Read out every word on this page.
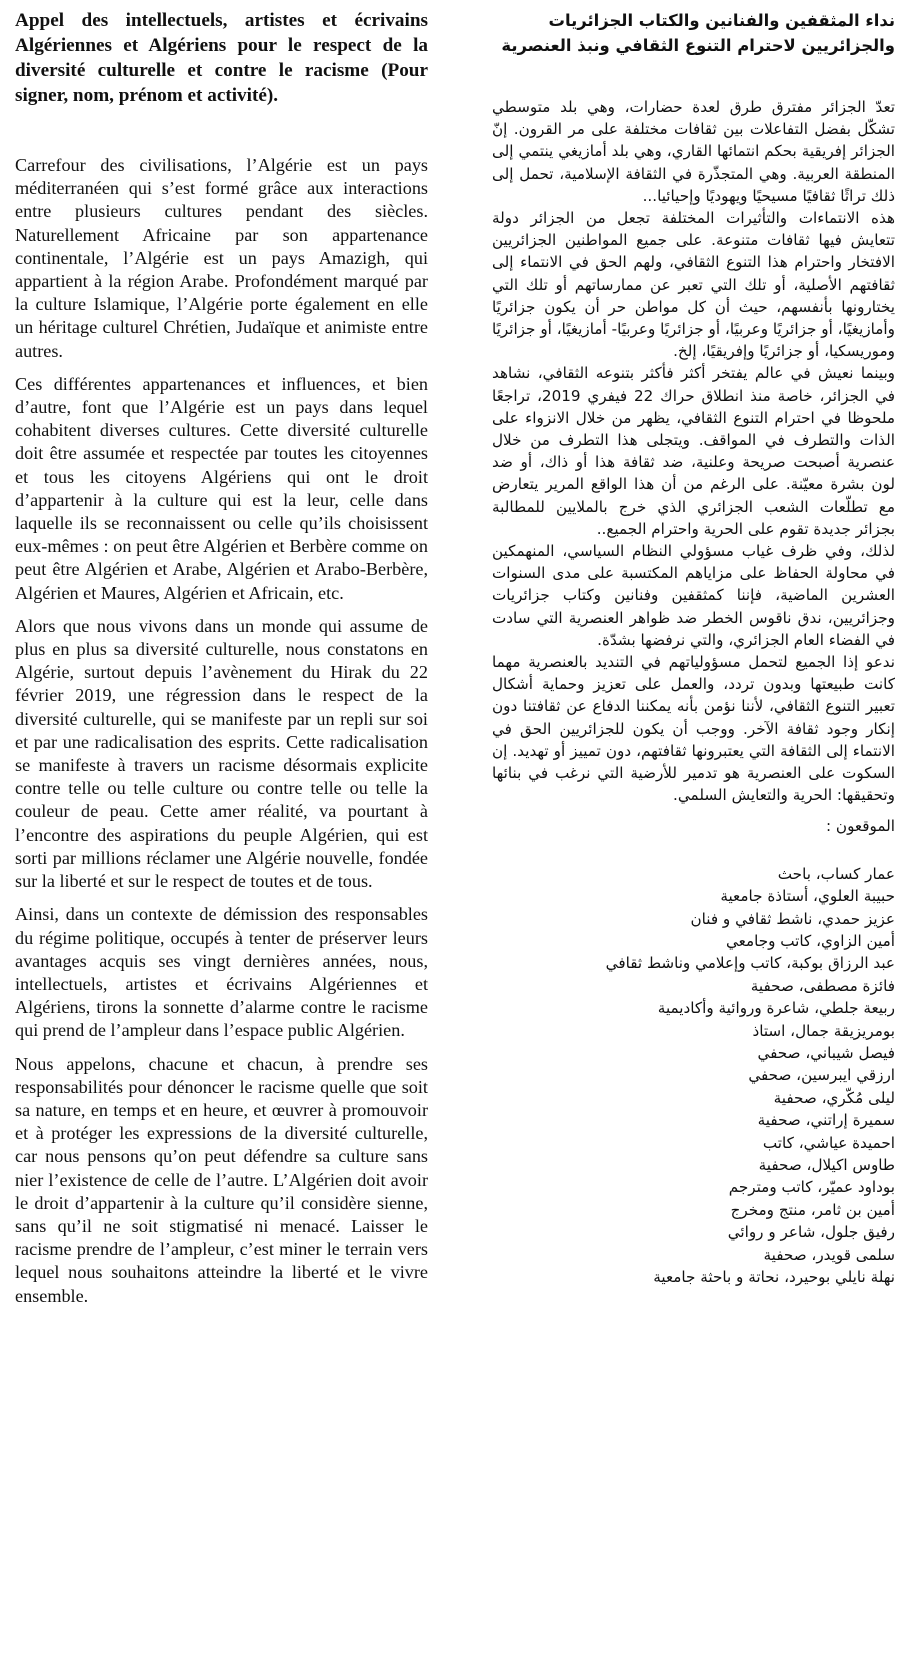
Appel des intellectuels, artistes et écrivains Algériennes et Algériens pour le respect de la diversité culturelle et contre le racisme (Pour signer, nom, prénom et activité).

Carrefour des civilisations, l’Algérie est un pays méditerranéen qui s’est formé grâce aux interactions entre plusieurs cultures pendant des siècles. Naturellement Africaine par son appartenance continentale, l’Algérie est un pays Amazigh, qui appartient à la région Arabe. Profondément marqué par la culture Islamique, l’Algérie porte également en elle un héritage culturel Chrétien, Judaïque et animiste entre autres.

Ces différentes appartenances et influences, et bien d’autre, font que l’Algérie est un pays dans lequel cohabitent diverses cultures. Cette diversité culturelle doit être assumée et respectée par toutes les citoyennes et tous les citoyens Algériens qui ont le droit d’appartenir à la culture qui est la leur, celle dans laquelle ils se reconnaissent ou celle qu’ils choisissent eux-mêmes : on peut être Algérien et Berbère comme on peut être Algérien et Arabe, Algérien et Arabo-Berbère, Algérien et Maures, Algérien et Africain, etc.

Alors que nous vivons dans un monde qui assume de plus en plus sa diversité culturelle, nous constatons en Algérie, surtout depuis l’avènement du Hirak du 22 février 2019, une régression dans le respect de la diversité culturelle, qui se manifeste par un repli sur soi et par une radicalisation des esprits. Cette radicalisation se manifeste à travers un racisme désormais explicite contre telle ou telle culture ou contre telle ou telle la couleur de peau. Cette amer réalité, va pourtant à l’encontre des aspirations du peuple Algérien, qui est sorti par millions réclamer une Algérie nouvelle, fondée sur la liberté et sur le respect de toutes et de tous.

Ainsi, dans un contexte de démission des responsables du régime politique, occupés à tenter de préserver leurs avantages acquis ses vingt dernières années, nous, intellectuels, artistes et écrivains Algériennes et Algériens, tirons la sonnette d’alarme contre le racisme qui prend de l’ampleur dans l’espace public Algérien.

Nous appelons, chacune et chacun, à prendre ses responsabilités pour dénoncer le racisme quelle que soit sa nature, en temps et en heure, et œuvrer à promouvoir et à protéger les expressions de la diversité culturelle, car nous pensons qu’on peut défendre sa culture sans nier l’existence de celle de l’autre. L’Algérien doit avoir le droit d’appartenir à la culture qu’il considère sienne, sans qu’il ne soit stigmatisé ni menacé. Laisser le racisme prendre de l’ampleur, c’est miner le terrain vers lequel nous souhaitons atteindre la liberté et le vivre ensemble.

نداء المثقفين والفنانين والكتاب الجزائريات والجزائريين لاحترام التنوع الثقافي ونبذ العنصرية

تعدّ الجزائر مفترق طرق لعدة حضارات، وهي بلد متوسطي تشكّل بفضل التفاعلات بين ثقافات مختلفة على مر القرون. إنّ الجزائر إفريقية بحكم انتمائها القاري، وهي بلد أمازيغي ينتمي إلى المنطقة العربية. وهي المتجذّرة في الثقافة الإسلامية، تحمل إلى ذلك تراثًا ثقافيًا مسيحيًا ويهوديًا وإحيائيا...

هذه الانتماءات والتأثيرات المختلفة تجعل من الجزائر دولة تتعايش فيها ثقافات متنوعة. على جميع المواطنين الجزائريين الافتخار واحترام هذا التنوع الثقافي، ولهم الحق في الانتماء إلى ثقافتهم الأصلية، أو تلك التي تعبر عن ممارساتهم أو تلك التي يختارونها بأنفسهم، حيث أن كل مواطن حر أن يكون جزائريًا وأمازيغيًا، أو جزائريًا وعربيًا، أو جزائريًا وعربيًا- أمازيغيًا، أو جزائريًا وموريسكيا، أو جزائريًا وإفريقيًا، إلخ.

وبينما نعيش في عالم يفتخر أكثر فأكثر بتنوعه الثقافي، نشاهد في الجزائر، خاصة منذ انطلاق حراك 22 فيفري 2019، تراجعًا ملحوظا في احترام التنوع الثقافي، يظهر من خلال الانزواء على الذات والتطرف في المواقف. ويتجلى هذا التطرف من خلال عنصرية أصبحت صريحة وعلنية، ضد ثقافة هذا أو ذاك، أو ضد لون بشرة معيّنة. على الرغم من أن هذا الواقع المرير يتعارض مع تطلّعات الشعب الجزائري الذي خرج بالملايين للمطالبة بجزائر جديدة تقوم على الحرية واحترام الجميع..

لذلك، وفي ظرف غياب مسؤولي النظام السياسي، المنهمكين في محاولة الحفاظ على مزاياهم المكتسبة على مدى السنوات العشرين الماضية، فإننا كمثقفين وفنانين وكتاب جزائريات وجزائريين، ندق ناقوس الخطر ضد ظواهر العنصرية التي سادت في الفضاء العام الجزائري، والتي نرفضها بشدّة.

ندعو إذا الجميع لتحمل مسؤولياتهم في التنديد بالعنصرية مهما كانت طبيعتها وبدون تردد، والعمل على تعزيز وحماية أشكال تعبير التنوع الثقافي، لأننا نؤمن بأنه يمكننا الدفاع عن ثقافتنا دون إنكار وجود ثقافة الآخر. ووجب أن يكون للجزائريين الحق في الانتماء إلى الثقافة التي يعتبرونها ثقافتهم، دون تمييز أو تهديد. إن السكوت على العنصرية هو تدمير للأرضية التي نرغب في بنائها وتحقيقها: الحرية والتعايش السلمي.

الموقعون :
عمار كساب، باحث
حبيبة العلوي، أستاذة جامعية
عزيز حمدي، ناشط ثقافي و فنان
أمين الزاوي، كاتب وجامعي
عبد الرزاق بوكبة، كاتب وإعلامي وناشط ثقافي
فائزة مصطفى، صحفية
ربيعة جلطي، شاعرة وروائية وأكاديمية
بومريزيقة جمال، استاذ
فيصل شيباني، صحفي
ارزقي ايبرسين، صحفي
ليلى مُكّري، صحفية
سميرة إراتني، صحفية
احميدة عياشي، كاتب
طاوس اكيلال، صحفية
بوداود عميّر، كاتب ومترجم
أمين بن ثامر، منتج ومخرج
رفيق جلول، شاعر و روائي
سلمى قويدر، صحفية
نهلة نايلي بوحيرد، نحاتة و باحثة جامعية
